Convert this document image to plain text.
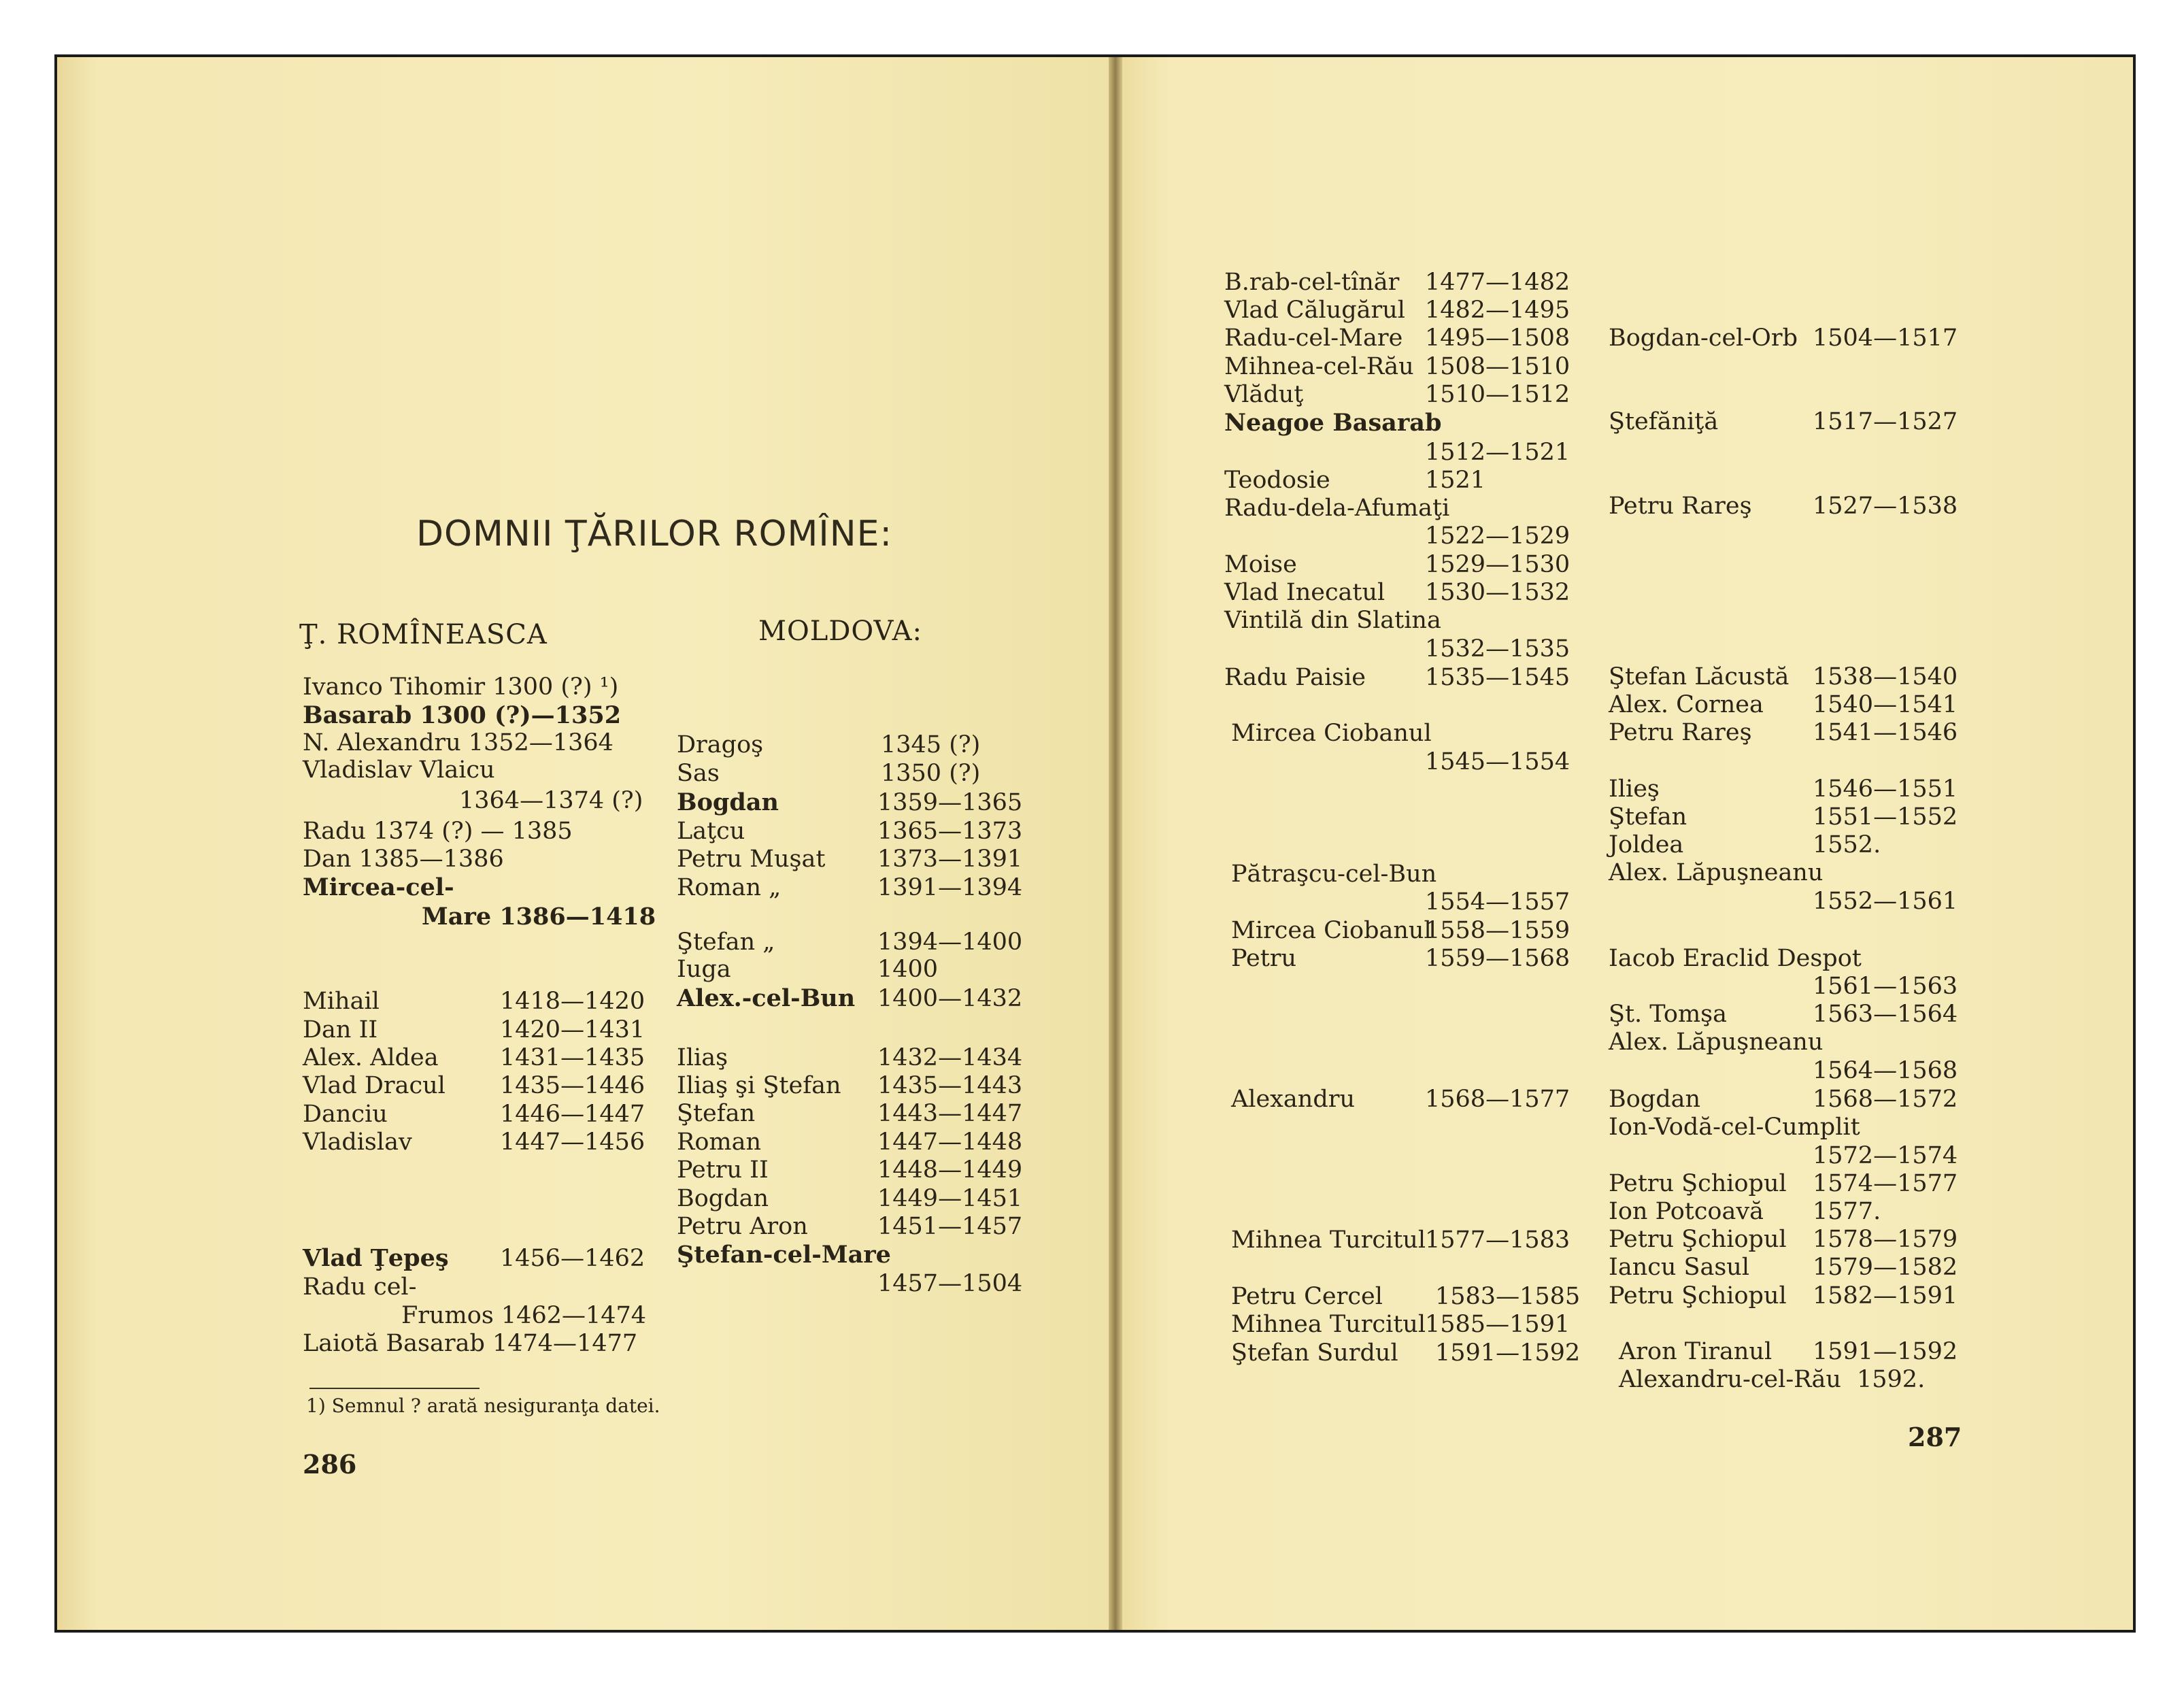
DOMNII ŢĂRILOR ROMÎNE:
Ţ. ROMÎNEASCA	MOLDOVA:
Ivanco Tihomir 1300 (?) ¹)
Basarab 1300 (?)—1352
N. Alexandru 1352—1364
Vladislav Vlaicu
1364—1374 (?)
Radu 1374 (?) — 1385
Dan 1385—1386
Mircea-cel-
Mare 1386—1418
Mihail	1418—1420
Dan II	1420—1431
Alex. Aldea	1431—1435
Vlad Dracul 1435—1446
Danciu	1446—1447
Vladislav	1447—1456
Vlad Ţepeş 1456—1462
Radu cel-
Frumos 1462—1474
Laiotă Basarab 1474—1477
Dragoş	1345 (?)
Sas	1350 (?)
Bogdan	1359—1365
Laţcu	1365—1373
Petru Muşat 1373—1391
Roman „	1391—1394
Ştefan „	1394—1400
Iuga	1400
Alex.-cel-Bun 1400—1432
Iliaş	1432—1434
Iliaş şi Ştefan 1435—1443
Ştefan	1443—1447
Roman	1447—1448
Petru II	1448—1449
Bogdan	1449—1451
Petru Aron	1451—1457
Ştefan-cel-Mare
1457—1504
B.rab-cel-tînăr 1477—1482
Vlad Călugărul 1482—1495
Radu-cel-Mare 1495—1508
Mihnea-cel-Rău 1508—1510
Vlăduţ	1510—1512
Neagoe Basarab
1512—1521
Teodosie	1521
Radu-dela-Afumaţi
1522—1529
Moise	1529—1530
Vlad Inecatul 1530—1532
Vintilă din Slatina
1532—1535
Radu Paisie 1535—1545
Mircea Ciobanul
1545—1554
Pătraşcu-cel-Bun
1554—1557
Mircea Ciobanul
1558—1559
Petru	1559—1568
Alexandru	1568—1577
Mihnea Turcitul
1577—1583
Petru Cercel 1583—1585
Mihnea Turcitul
1585—1591
Ştefan Surdul 1591—1592
Bogdan-cel-Orb 1504—1517
Ştefăniţă	1517—1527
Petru Rareş	1527—1538
Ştefan Lăcustă 1538—1540
Alex. Cornea 1540—1541
Petru Rareş	1541—1546
Ilieş	1546—1551
Ştefan	1551—1552
Joldea	1552.
Alex. Lăpuşneanu
1552—1561
Iacob Eraclid Despot
1561—1563
Şt. Tomşa	1563—1564
Alex. Lăpuşneanu
1564—1568
Bogdan	1568—1572
Ion-Vodă-cel-Cumplit
1572—1574
Petru Şchiopul 1574—1577
Ion Potcoavă 1577.
Petru Şchiopul 1578—1579
Iancu Sasul	1579—1582
Petru Şchiopul 1582—1591
Aron Tiranul 1591—1592
Alexandru-cel-Rău 1592.
1) Semnul ? arată nesiguranţa datei.
286
287
